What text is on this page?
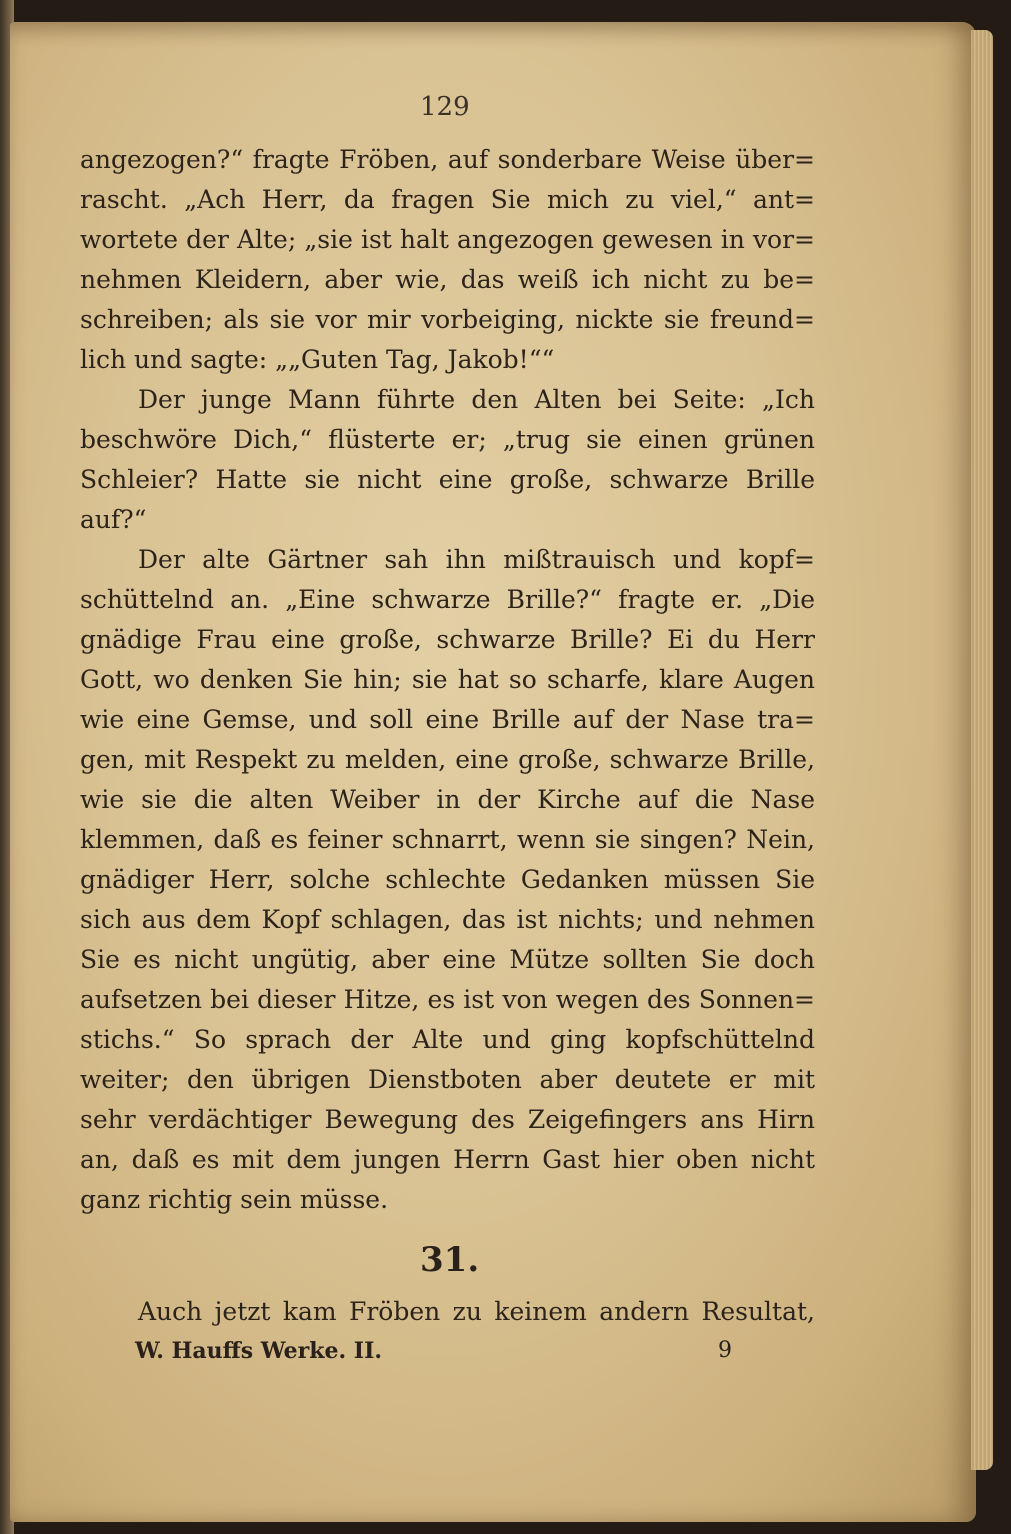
129
angezogen?“ fragte Fröben, auf sonderbare Weise über=
rascht. „Ach Herr, da fragen Sie mich zu viel,“ ant=
wortete der Alte; „sie ist halt angezogen gewesen in vor=
nehmen Kleidern, aber wie, das weiß ich nicht zu be=
schreiben; als sie vor mir vorbeiging, nickte sie freund=
lich und sagte: „„Guten Tag, Jakob!““
Der junge Mann führte den Alten bei Seite: „Ich
beschwöre Dich,“ flüsterte er; „trug sie einen grünen
Schleier? Hatte sie nicht eine große, schwarze Brille
auf?“
Der alte Gärtner sah ihn mißtrauisch und kopf=
schüttelnd an. „Eine schwarze Brille?“ fragte er. „Die
gnädige Frau eine große, schwarze Brille? Ei du Herr
Gott, wo denken Sie hin; sie hat so scharfe, klare Augen
wie eine Gemse, und soll eine Brille auf der Nase tra=
gen, mit Respekt zu melden, eine große, schwarze Brille,
wie sie die alten Weiber in der Kirche auf die Nase
klemmen, daß es feiner schnarrt, wenn sie singen? Nein,
gnädiger Herr, solche schlechte Gedanken müssen Sie
sich aus dem Kopf schlagen, das ist nichts; und nehmen
Sie es nicht ungütig, aber eine Mütze sollten Sie doch
aufsetzen bei dieser Hitze, es ist von wegen des Sonnen=
stichs.“ So sprach der Alte und ging kopfschüttelnd
weiter; den übrigen Dienstboten aber deutete er mit
sehr verdächtiger Bewegung des Zeigefingers ans Hirn
an, daß es mit dem jungen Herrn Gast hier oben nicht
ganz richtig sein müsse.
31.
Auch jetzt kam Fröben zu keinem andern Resultat,
W. Hauffs Werke. II.	9
